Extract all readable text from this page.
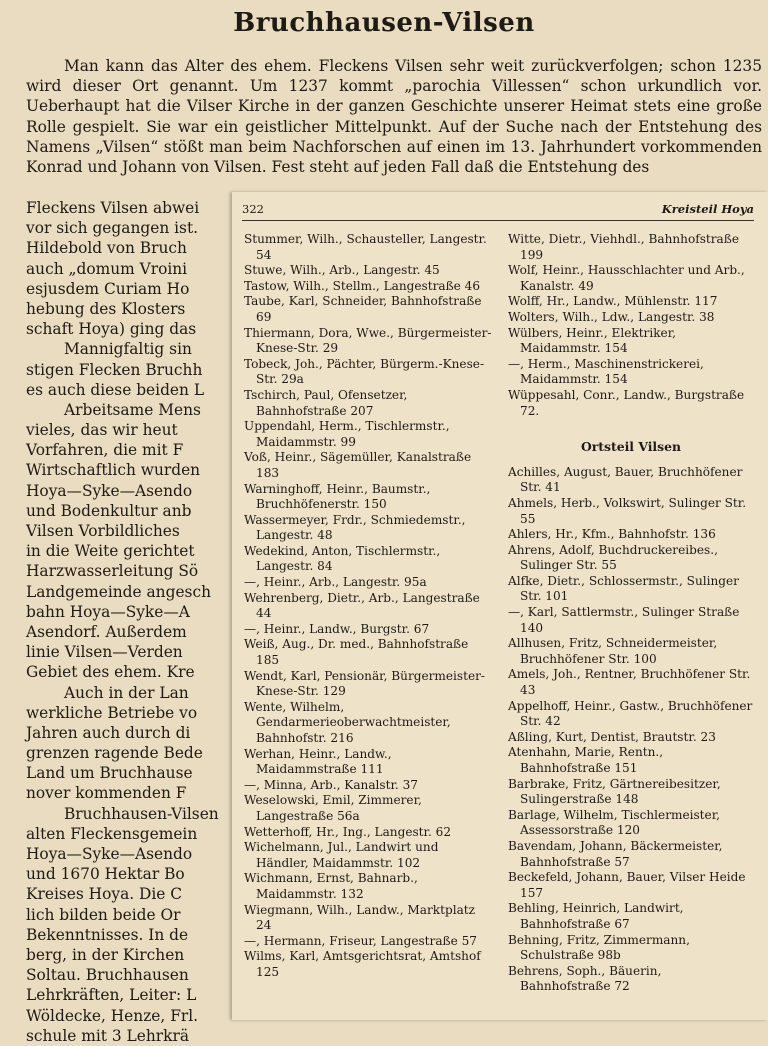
Bruchhausen-Vilsen

Man kann das Alter des ehem. Fleckens Vilsen sehr weit zurückverfolgen; schon 1235 wird dieser Ort genannt. Um 1237 kommt „parochia Villessen“ schon urkundlich vor. Ueberhaupt hat die Vilser Kirche in der ganzen Geschichte unserer Heimat stets eine große Rolle gespielt. Sie war ein geistlicher Mittelpunkt. Auf der Suche nach der Entstehung des Namens „Vilsen“ stößt man beim Nachforschen auf einen im 13. Jahrhundert vorkommenden Konrad und Johann von Vilsen. Fest steht auf jeden Fall daß die Entstehung des

Fleckens Vilsen abwei
vor sich gegangen ist.
Hildebold von Bruch
auch „domum Vroini
esjusdem Curiam Ho
hebung des Klosters
schaft Hoya) ging das
Mannigfaltig sin
stigen Flecken Bruchh
es auch diese beiden L
Arbeitsame Mens
vieles, das wir heut
Vorfahren, die mit F
Wirtschaftlich wurden
Hoya—Syke—Asendo
und Bodenkultur anb
Vilsen Vorbildliches
in die Weite gerichtet
Harzwasserleitung Sö
Landgemeinde angesch
bahn Hoya—Syke—A
Asendorf. Außerdem
linie Vilsen—Verden
Gebiet des ehem. Kre
Auch in der Lan
werkliche Betriebe vo
Jahren auch durch di
grenzen ragende Bede
Land um Bruchhause
nover kommenden F
Bruchhausen-Vilsen
alten Fleckensgemein
Hoya—Syke—Asendo
und 1670 Hektar Bo
Kreises Hoya. Die C
lich bilden beide Or
Bekenntnisses. In de
berg, in der Kirchen
Soltau. Bruchhausen
Lehrkräften, Leiter: L
Wöldecke, Henze, Frl.
schule mit 3 Lehrkrä
322	Kreisteil Hoya

Stummer, Wilh., Schausteller, Langestr. 54

Stuwe, Wilh., Arb., Langestr. 45

Tastow, Wilh., Stellm., Langestraße 46

Taube, Karl, Schneider, Bahnhofstraße 69

Thiermann, Dora, Wwe., Bürgermeister-Knese-Str. 29

Tobeck, Joh., Pächter, Bürgerm.-Knese-Str. 29a

Tschirch, Paul, Ofensetzer, Bahnhofstraße 207

Uppendahl, Herm., Tischlermstr., Maidammstr. 99

Voß, Heinr., Sägemüller, Kanalstraße 183

Warninghoff, Heinr., Baumstr., Bruchhöfenerstr. 150

Wassermeyer, Frdr., Schmiedemstr., Langestr. 48

Wedekind, Anton, Tischlermstr., Langestr. 84

—, Heinr., Arb., Langestr. 95a

Wehrenberg, Dietr., Arb., Langestraße 44

—, Heinr., Landw., Burgstr. 67

Weiß, Aug., Dr. med., Bahnhofstraße 185

Wendt, Karl, Pensionär, Bürgermeister-Knese-Str. 129

Wente, Wilhelm, Gendarmerieoberwachtmeister, Bahnhofstr. 216

Werhan, Heinr., Landw., Maidammstraße 111

—, Minna, Arb., Kanalstr. 37

Weselowski, Emil, Zimmerer, Langestraße 56a

Wetterhoff, Hr., Ing., Langestr. 62

Wichelmann, Jul., Landwirt und Händler, Maidammstr. 102

Wichmann, Ernst, Bahnarb., Maidammstr. 132

Wiegmann, Wilh., Landw., Marktplatz 24

—, Hermann, Friseur, Langestraße 57

Wilms, Karl, Amtsgerichtsrat, Amtshof 125

Witte, Dietr., Viehhdl., Bahnhofstraße 199

Wolf, Heinr., Hausschlachter und Arb., Kanalstr. 49

Wolff, Hr., Landw., Mühlenstr. 117

Wolters, Wilh., Ldw., Langestr. 38

Wülbers, Heinr., Elektriker, Maidammstr. 154

—, Herm., Maschinenstrickerei, Maidammstr. 154

Wüppesahl, Conr., Landw., Burgstraße 72.

Ortsteil Vilsen

Achilles, August, Bauer, Bruchhöfener Str. 41

Ahmels, Herb., Volkswirt, Sulinger Str. 55

Ahlers, Hr., Kfm., Bahnhofstr. 136

Ahrens, Adolf, Buchdruckereibes., Sulinger Str. 55

Alfke, Dietr., Schlossermstr., Sulinger Str. 101

—, Karl, Sattlermstr., Sulinger Straße 140

Allhusen, Fritz, Schneidermeister, Bruchhöfener Str. 100

Amels, Joh., Rentner, Bruchhöfener Str. 43

Appelhoff, Heinr., Gastw., Bruchhöfener Str. 42

Aßling, Kurt, Dentist, Brautstr. 23

Atenhahn, Marie, Rentn., Bahnhofstraße 151

Barbrake, Fritz, Gärtnereibesitzer, Sulingerstraße 148

Barlage, Wilhelm, Tischlermeister, Assessorstraße 120

Bavendam, Johann, Bäckermeister, Bahnhofstraße 57

Beckefeld, Johann, Bauer, Vilser Heide 157

Behling, Heinrich, Landwirt, Bahnhofstraße 67

Behning, Fritz, Zimmermann, Schulstraße 98b

Behrens, Soph., Bäuerin, Bahnhofstraße 72
